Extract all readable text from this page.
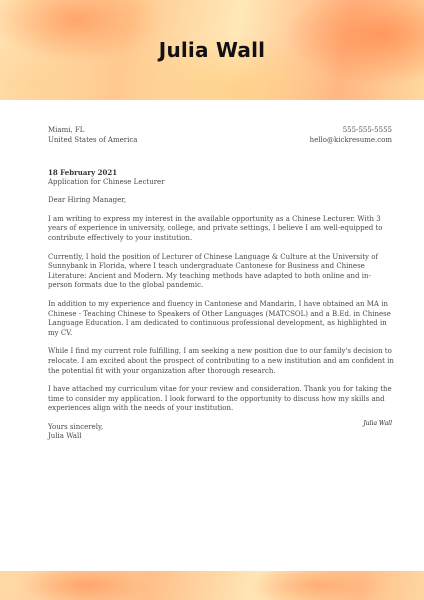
Julia Wall
Miami, FL
United States of America
555-555-5555
hello@kickresume.com
18 February 2021
Application for Chinese Lecturer

Dear Hiring Manager,

I am writing to express my interest in the available opportunity as a Chinese Lecturer. With 3 years of experience in university, college, and private settings, I believe I am well-equipped to contribute effectively to your institution.

Currently, I hold the position of Lecturer of Chinese Language & Culture at the University of Sunnybank in Florida, where I teach undergraduate Cantonese for Business and Chinese Literature: Ancient and Modern. My teaching methods have adapted to both online and in-person formats due to the global pandemic.

In addition to my experience and fluency in Cantonese and Mandarin, I have obtained an MA in Chinese - Teaching Chinese to Speakers of Other Languages (MATCSOL) and a B.Ed. in Chinese Language Education. I am dedicated to continuous professional development, as highlighted in my CV.

While I find my current role fulfilling, I am seeking a new position due to our family's decision to relocate. I am excited about the prospect of contributing to a new institution and am confident in the potential fit with your organization after thorough research.

I have attached my curriculum vitae for your review and consideration. Thank you for taking the time to consider my application. I look forward to the opportunity to discuss how my skills and experiences align with the needs of your institution.

Yours sincerely,
Julia Wall
Julia Wall
